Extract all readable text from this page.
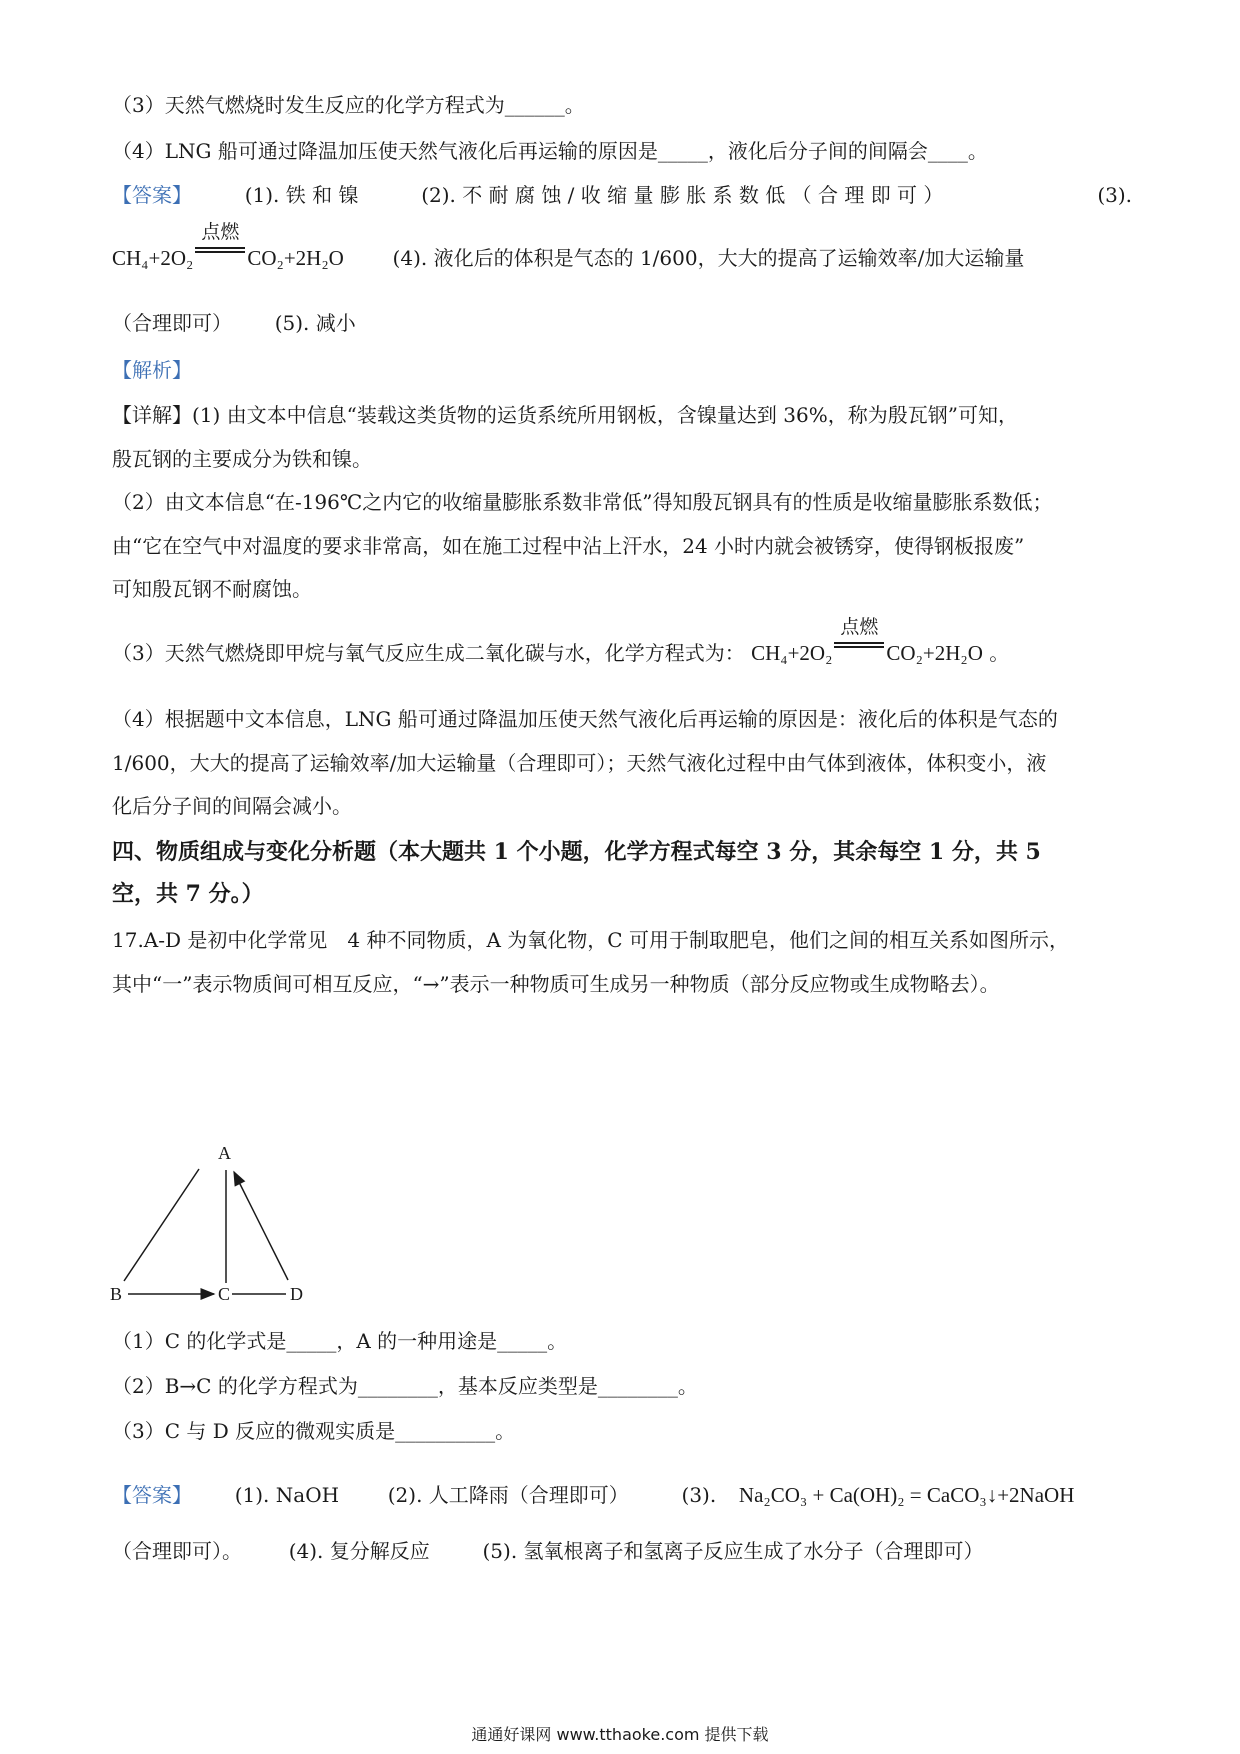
（3）天然气燃烧时发生反应的化学方程式为______。
（4）LNG 船可通过降温加压使天然气液化后再运输的原因是_____，液化后分子间的间隔会____。
【答案】	(1). 铁 和 镍	(2). 不 耐 腐 蚀 / 收 缩 量 膨 胀 系 数 低 （ 合 理 即 可 ）	(3).
CH₄+2O₂
点燃
CO₂+2H₂O (4). 液化后的体积是气态的 1/600，大大的提高了运输效率/加大运输量
（合理即可） (5). 减小
【解析】
【详解】(1) 由文本中信息“装载这类货物的运货系统所用钢板，含镍量达到 36%，称为殷瓦钢”可知，
殷瓦钢的主要成分为铁和镍。
（2）由文本信息“在-196℃之内它的收缩量膨胀系数非常低”得知殷瓦钢具有的性质是收缩量膨胀系数低；
由“它在空气中对温度的要求非常高，如在施工过程中沾上汗水，24 小时内就会被锈穿，使得钢板报废”
可知殷瓦钢不耐腐蚀。
（3）天然气燃烧即甲烷与氧气反应生成二氧化碳与水，化学方程式为： CH₄+2O₂
点燃
CO₂+2H₂O 。
（4）根据题中文本信息，LNG 船可通过降温加压使天然气液化后再运输的原因是：液化后的体积是气态的
1/600，大大的提高了运输效率/加大运输量（合理即可）；天然气液化过程中由气体到液体，体积变小，液
化后分子间的间隔会减小。
四、物质组成与变化分析题（本大题共 1 个小题，化学方程式每空 3 分，其余每空 1 分，共 5
空，共 7 分。）
17.A-D 是初中化学常见　4 种不同物质，A 为氧化物，C 可用于制取肥皂，他们之间的相互关系如图所示，
其中“一”表示物质间可相互反应，“→”表示一种物质可生成另一种物质（部分反应物或生成物略去）。
A
B	C	D
（1）C 的化学式是_____，A 的一种用途是_____。
（2）B→C 的化学方程式为________，基本反应类型是________。
（3）C 与 D 反应的微观实质是__________。
【答案】 (1). NaOH (2). 人工降雨（合理即可）	(3). Na₂CO₃ + Ca(OH)₂ = CaCO₃↓+2NaOH
（合理即可）。 (4). 复分解反应	(5). 氢氧根离子和氢离子反应生成了水分子（合理即可）
通通好课网 www.tthaoke.com 提供下载
